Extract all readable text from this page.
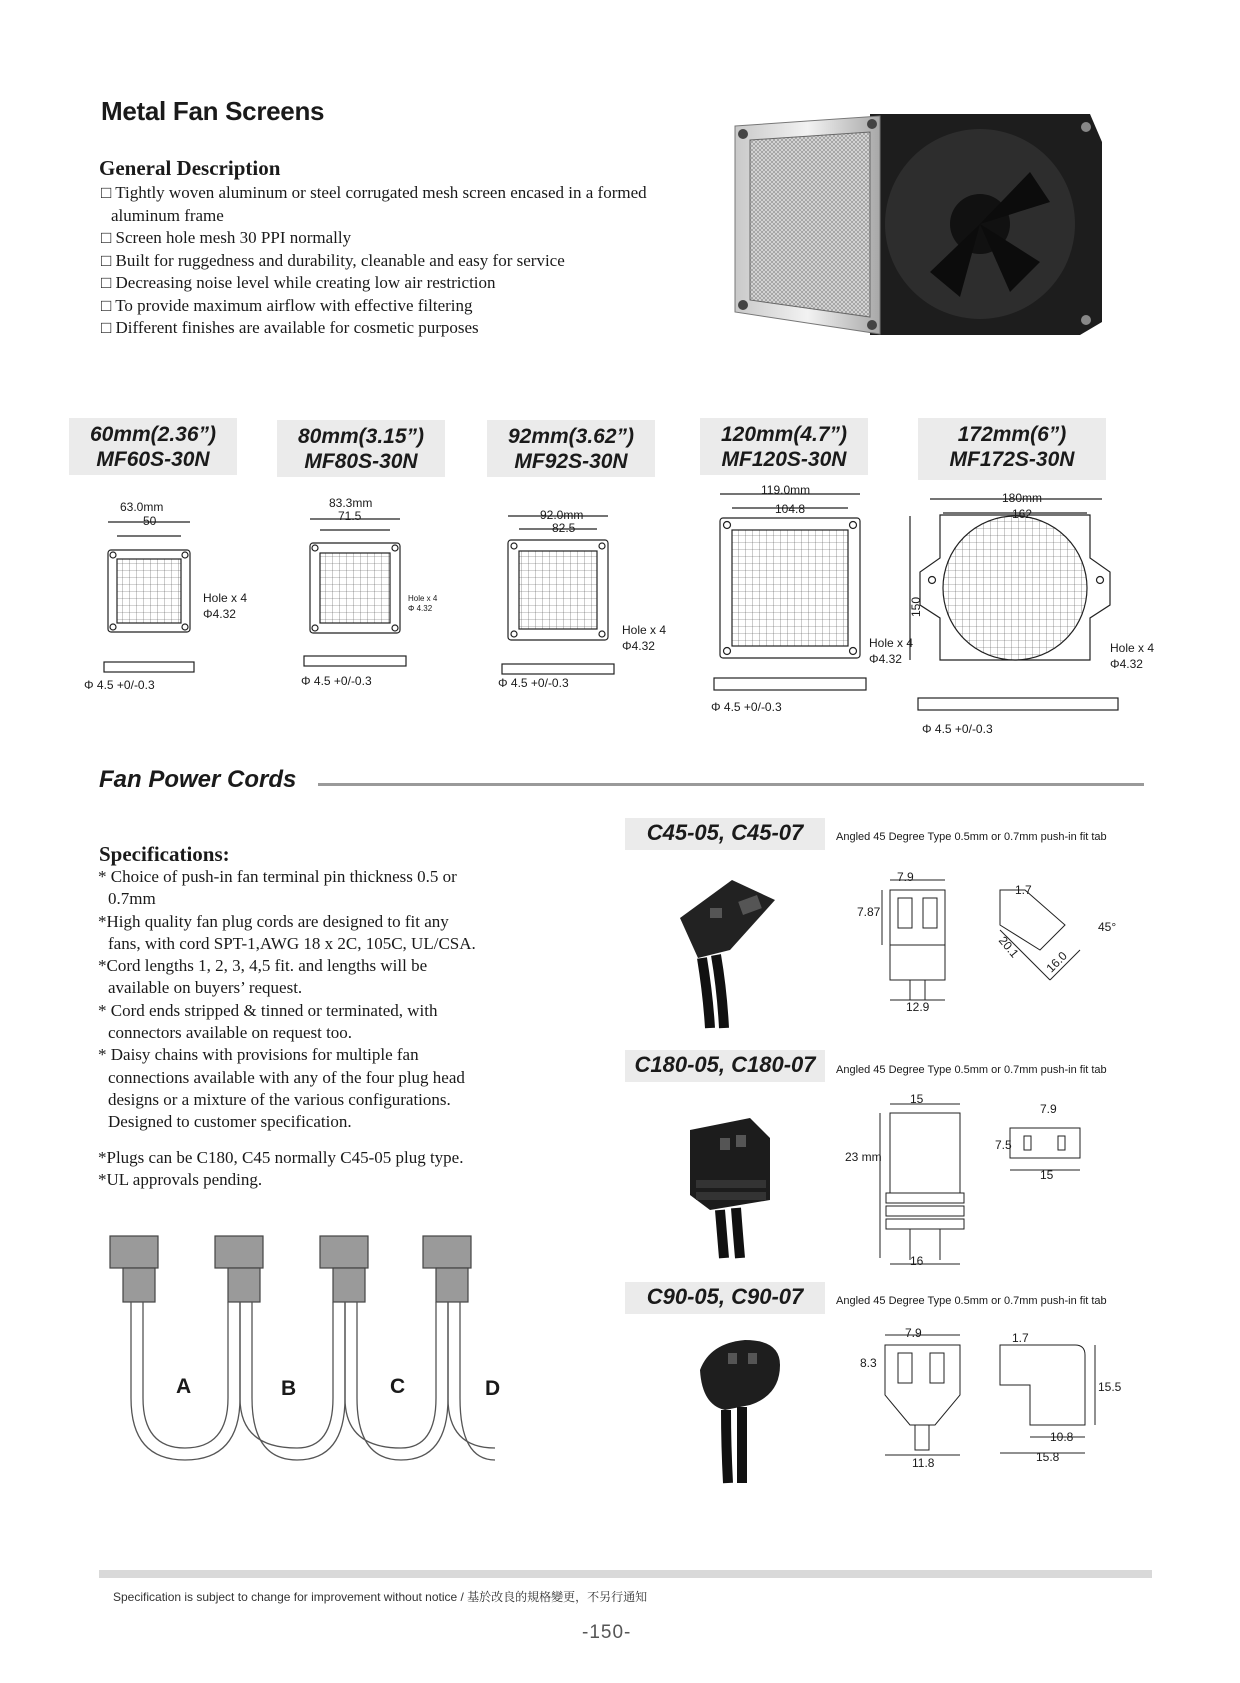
Metal Fan Screens
General Description
□ Tightly woven aluminum or steel corrugated mesh screen encased in a formed
aluminum frame
□ Screen hole mesh 30 PPI normally
□ Built for ruggedness and durability, cleanable and easy for service
□ Decreasing noise level while creating low air restriction
□ To provide maximum airflow with effective filtering
□ Different finishes are available for cosmetic purposes
60mm(2.36”)
MF60S-30N
80mm(3.15”)
MF80S-30N
92mm(3.62”)
MF92S-30N
120mm(4.7”)
MF120S-30N
172mm(6”)
MF172S-30N
63.0mm
50
Hole x 4
Φ4.32
Φ 4.5 +0/-0.3
83.3mm
71.5
Hole x 4
Φ 4.32
Φ 4.5 +0/-0.3
92.0mm
82.5
Hole x 4
Φ4.32
Φ 4.5 +0/-0.3
119.0mm
104.8
Hole x 4
Φ4.32
Φ 4.5 +0/-0.3
180mm
162
150
Hole x 4
Φ4.32
Φ 4.5 +0/-0.3
Fan Power Cords
Specifications:
* Choice of push-in fan terminal pin thickness 0.5 or
0.7mm
*High quality fan plug cords are designed to fit any
fans, with cord SPT-1,AWG 18 x 2C, 105C, UL/CSA.
*Cord lengths 1, 2, 3, 4,5 fit. and lengths will be
available on buyers’ request.
* Cord ends stripped & tinned or terminated, with
connectors available on request too.
* Daisy chains with provisions for multiple fan
connections available with any of the four plug head
designs or a mixture of the various configurations.
Designed to customer specification.
*Plugs can be C180, C45 normally C45-05 plug type.
*UL approvals pending.
A	B	C	D
C45-05, C45-07	Angled 45 Degree Type 0.5mm or 0.7mm push-in fit tab
7.9
7.87
12.9
1.7
20.1
16.0
45°
C180-05, C180-07	Angled 45 Degree Type 0.5mm or 0.7mm push-in fit tab
15
23 mm
16
7.9
7.5
15
C90-05, C90-07	Angled 45 Degree Type 0.5mm or 0.7mm push-in fit tab
7.9
8.3
11.8
1.7
15.5
10.8
15.8
Specification is subject to change for improvement without notice / 基於改良的規格變更，不另行通知
-150-
